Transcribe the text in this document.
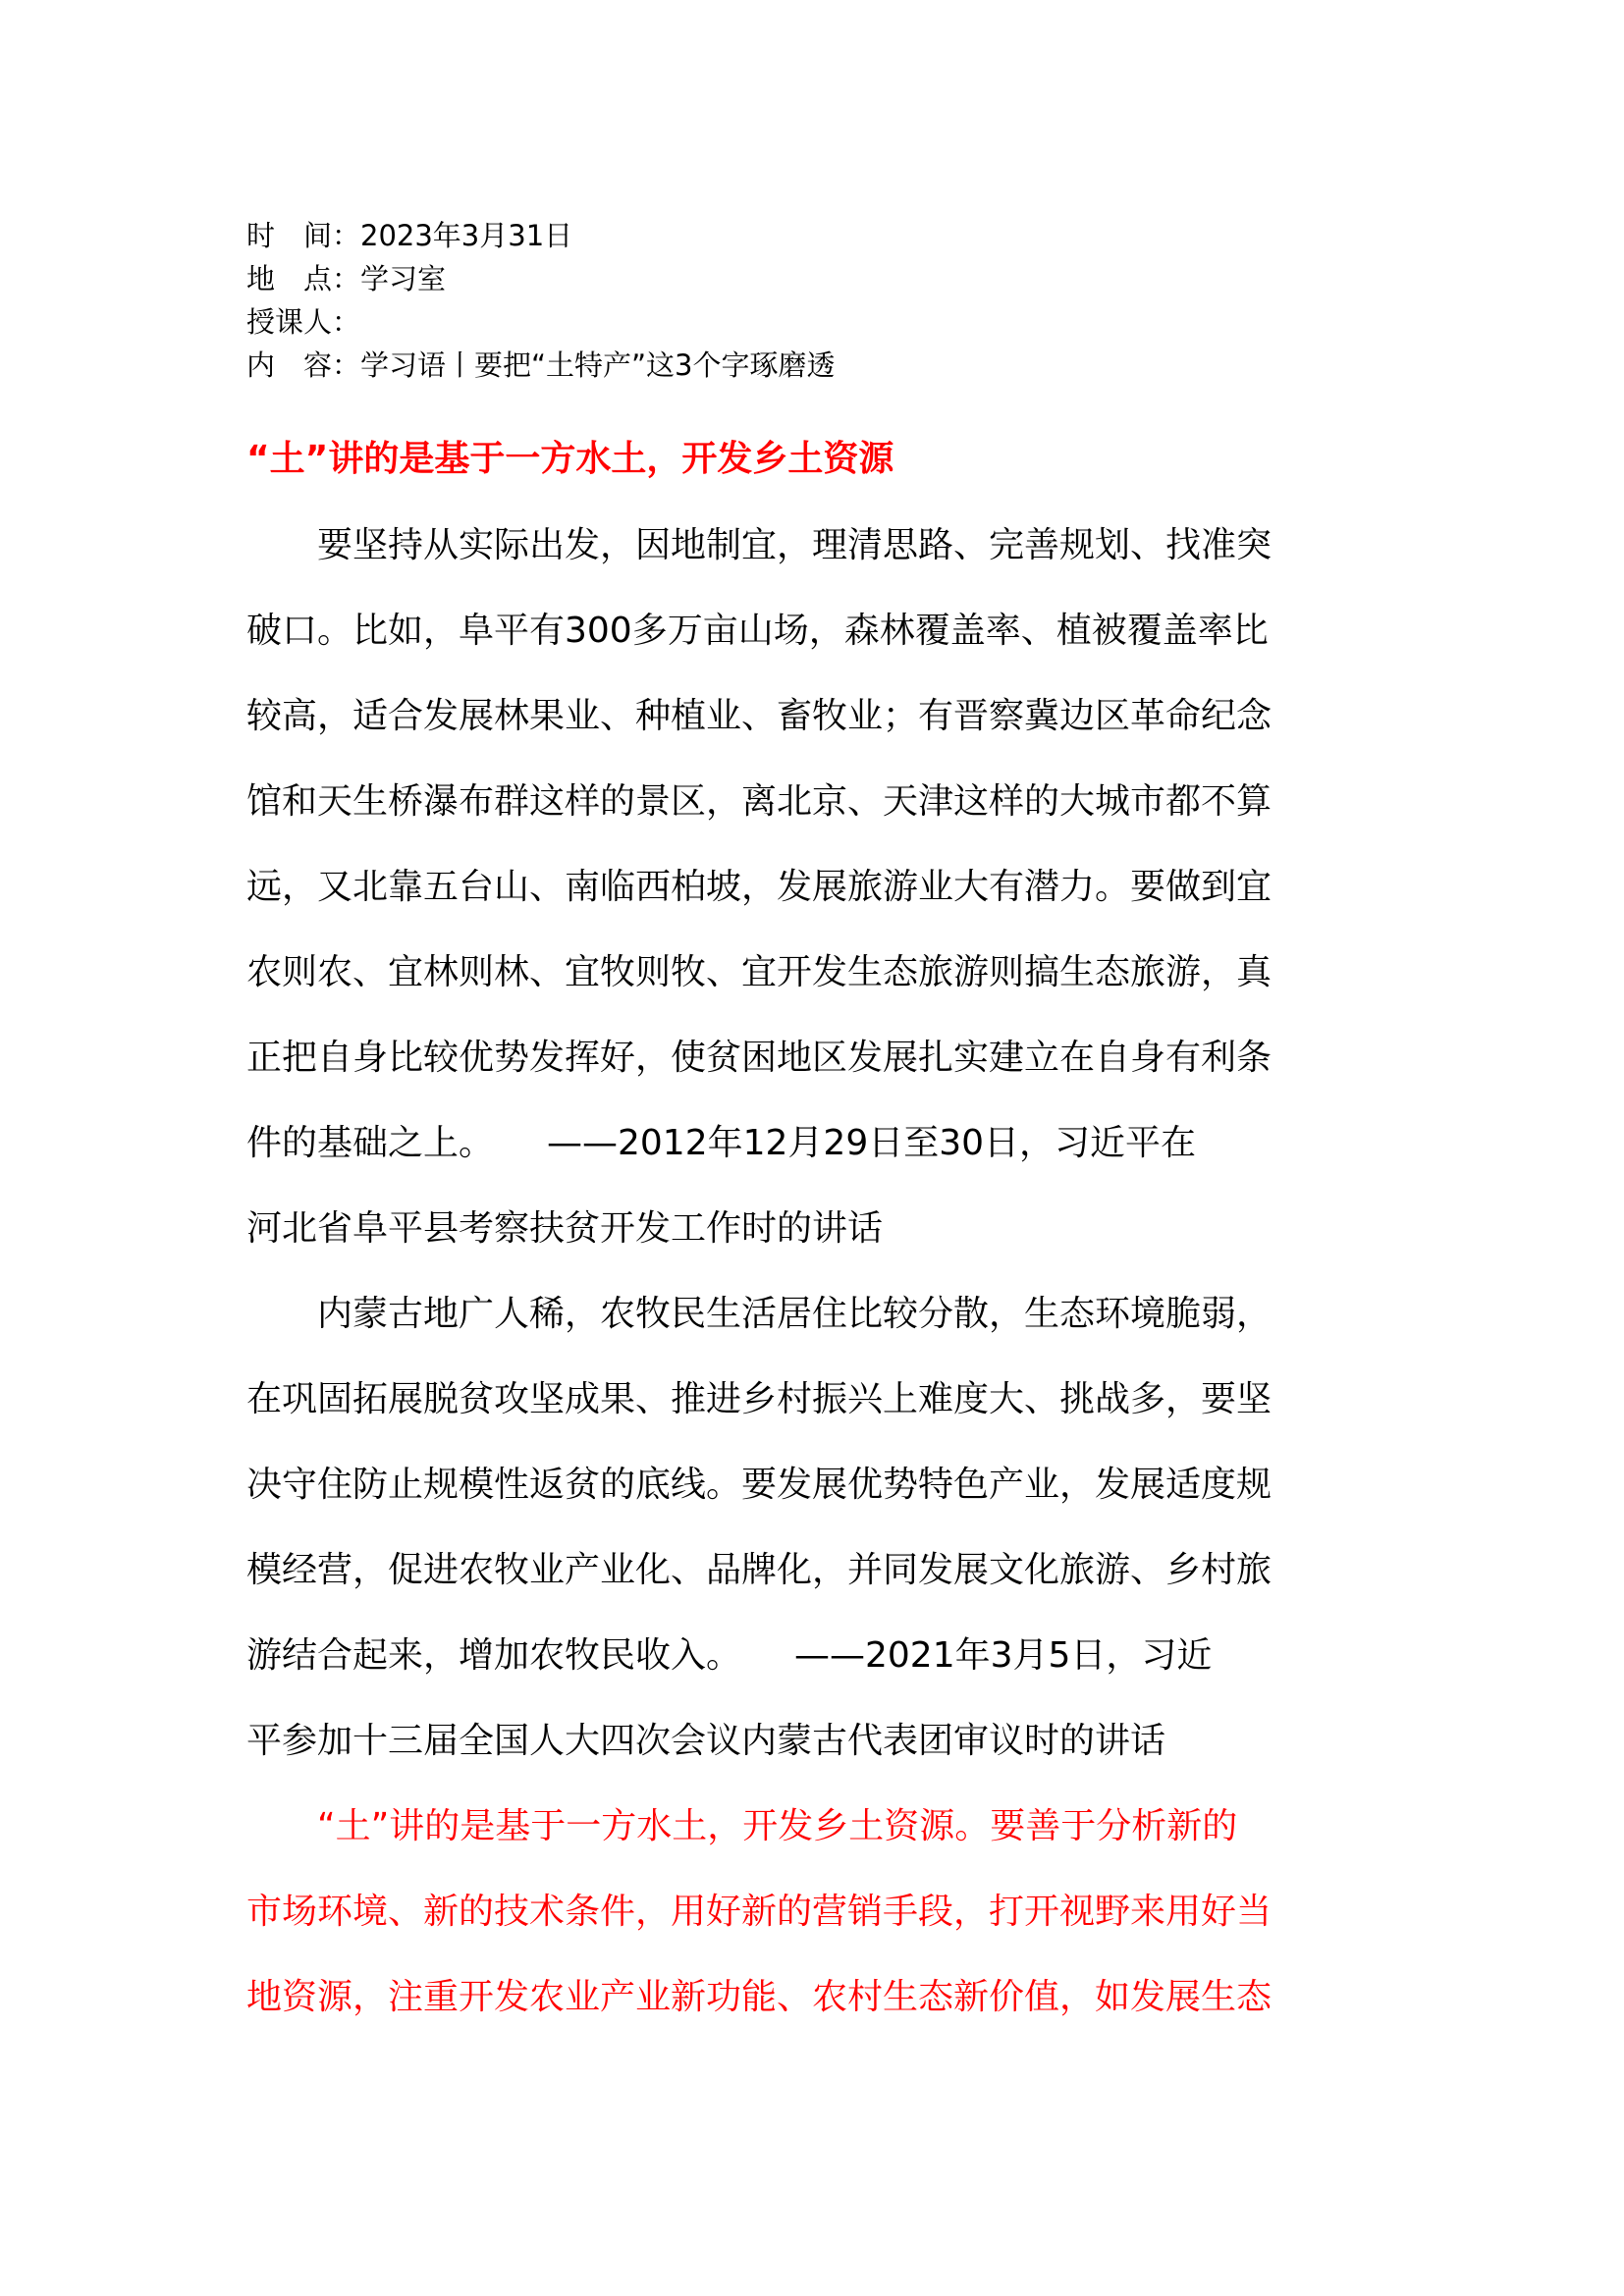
时　间：2023年3月31日
地　点：学习室
授课人：
内　容：学习语丨要把“土特产”这3个字琢磨透
“土”讲的是基于一方水土，开发乡土资源
　　要坚持从实际出发，因地制宜，理清思路、完善规划、找准突
破口。比如，阜平有300多万亩山场，森林覆盖率、植被覆盖率比
较高，适合发展林果业、种植业、畜牧业；有晋察冀边区革命纪念
馆和天生桥瀑布群这样的景区，离北京、天津这样的大城市都不算
远，又北靠五台山、南临西柏坡，发展旅游业大有潜力。要做到宜
农则农、宜林则林、宜牧则牧、宜开发生态旅游则搞生态旅游，真
正把自身比较优势发挥好，使贫困地区发展扎实建立在自身有利条
件的基础之上。　　——2012年12月29日至30日，习近平在
河北省阜平县考察扶贫开发工作时的讲话
　　内蒙古地广人稀，农牧民生活居住比较分散，生态环境脆弱，
在巩固拓展脱贫攻坚成果、推进乡村振兴上难度大、挑战多，要坚
决守住防止规模性返贫的底线。要发展优势特色产业，发展适度规
模经营，促进农牧业产业化、品牌化，并同发展文化旅游、乡村旅
游结合起来，增加农牧民收入。　　——2021年3月5日，习近
平参加十三届全国人大四次会议内蒙古代表团审议时的讲话
　　“土”讲的是基于一方水土，开发乡土资源。要善于分析新的
市场环境、新的技术条件，用好新的营销手段，打开视野来用好当
地资源，注重开发农业产业新功能、农村生态新价值，如发展生态
